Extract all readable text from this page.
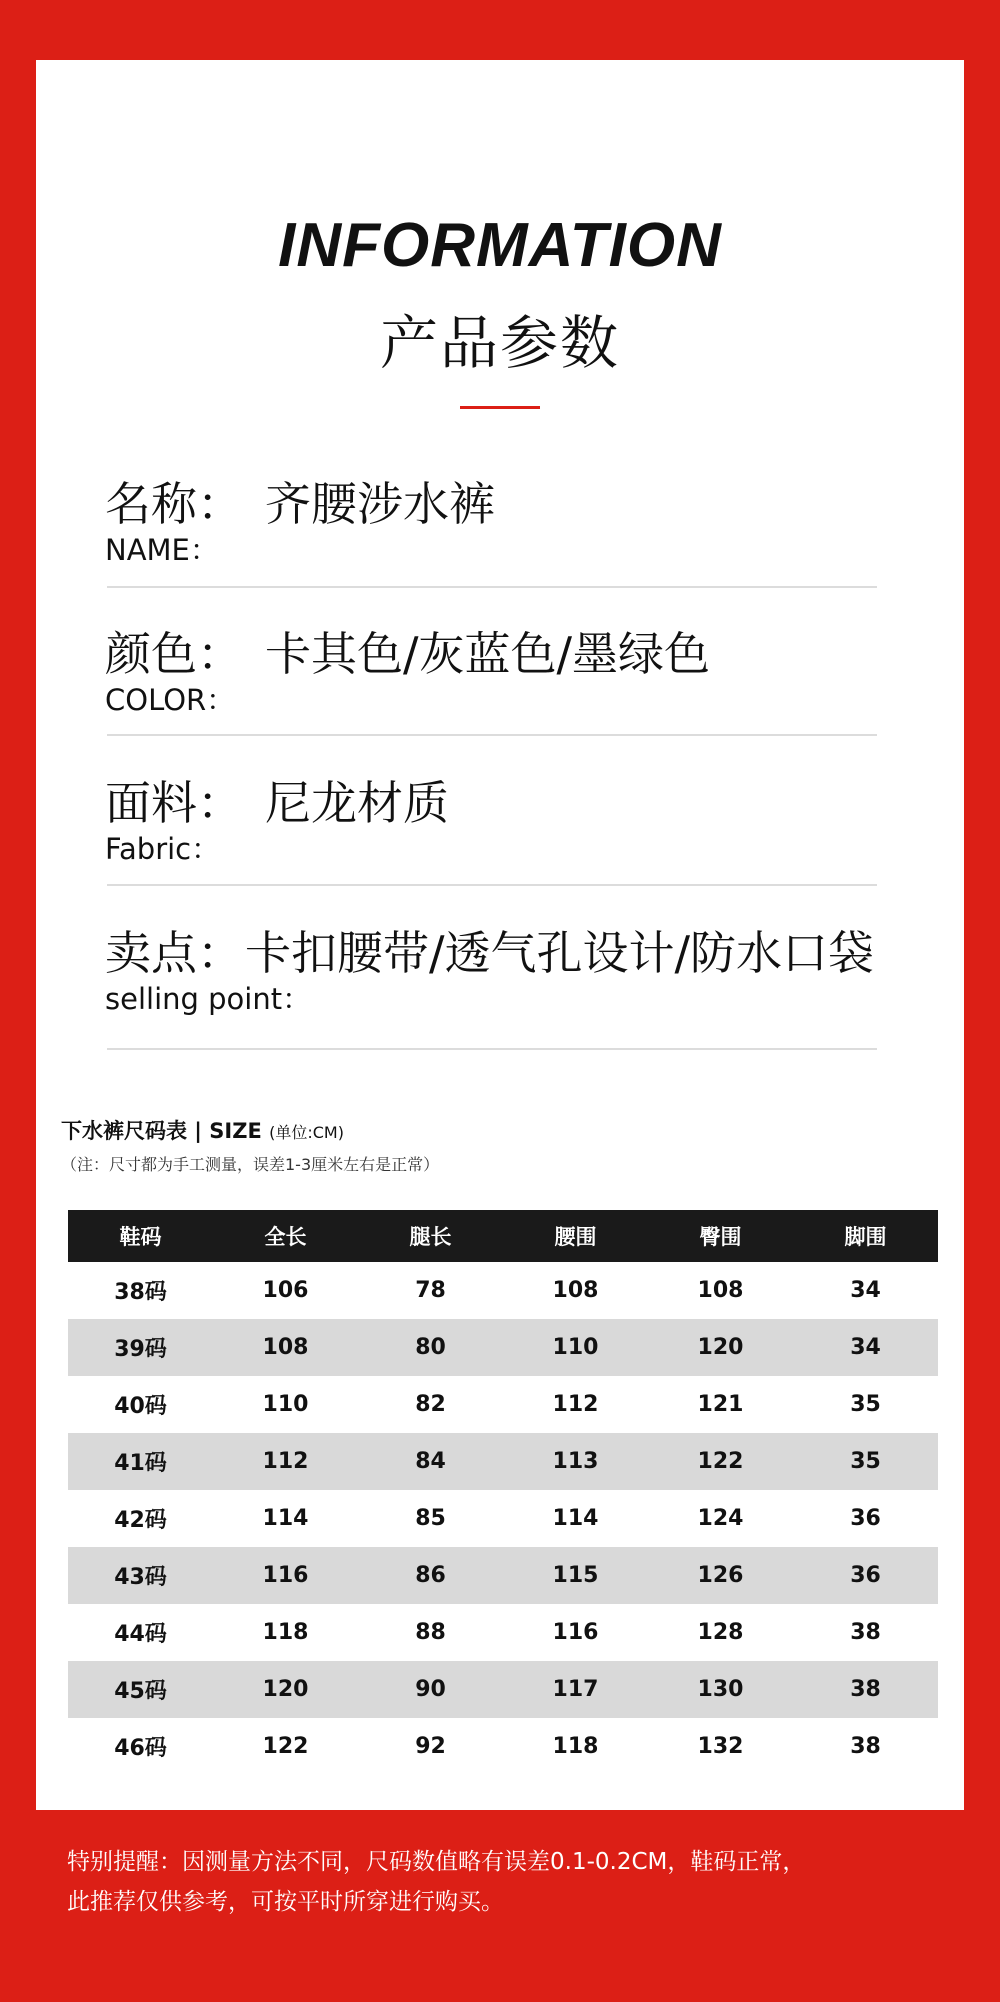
INFORMATION
产品参数
名称： 齐腰涉水裤
NAME：
颜色： 卡其色/灰蓝色/墨绿色
COLOR：
面料： 尼龙材质
Fabric：
卖点： 卡扣腰带/透气孔设计/防水口袋
selling point：
下水裤尺码表 | SIZE (单位:CM)
（注：尺寸都为手工测量，误差1-3厘米左右是正常）
鞋码	全长	腿长	腰围	臀围	脚围
38码	106	78	108	108	34
39码	108	80	110	120	34
40码	110	82	112	121	35
41码	112	84	113	122	35
42码	114	85	114	124	36
43码	116	86	115	126	36
44码	118	88	116	128	38
45码	120	90	117	130	38
46码	122	92	118	132	38
特别提醒：因测量方法不同，尺码数值略有误差0.1-0.2CM，鞋码正常，
此推荐仅供参考，可按平时所穿进行购买。
